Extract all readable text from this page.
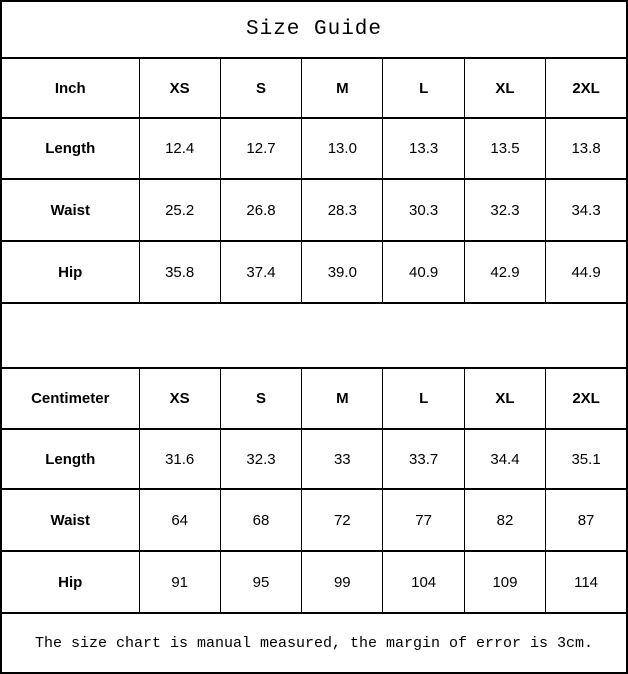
Size Guide						
Inch	XS	S	M	L	XL	2XL
Length	12.4	12.7	13.0	13.3	13.5	13.8
Waist	25.2	26.8	28.3	30.3	32.3	34.3
Hip	35.8	37.4	39.0	40.9	42.9	44.9

Centimeter	XS	S	M	L	XL	2XL
Length	31.6	32.3	33	33.7	34.4	35.1
Waist	64	68	72	77	82	87
Hip	91	95	99	104	109	114
The size chart is manual measured, the margin of error is 3cm.						
